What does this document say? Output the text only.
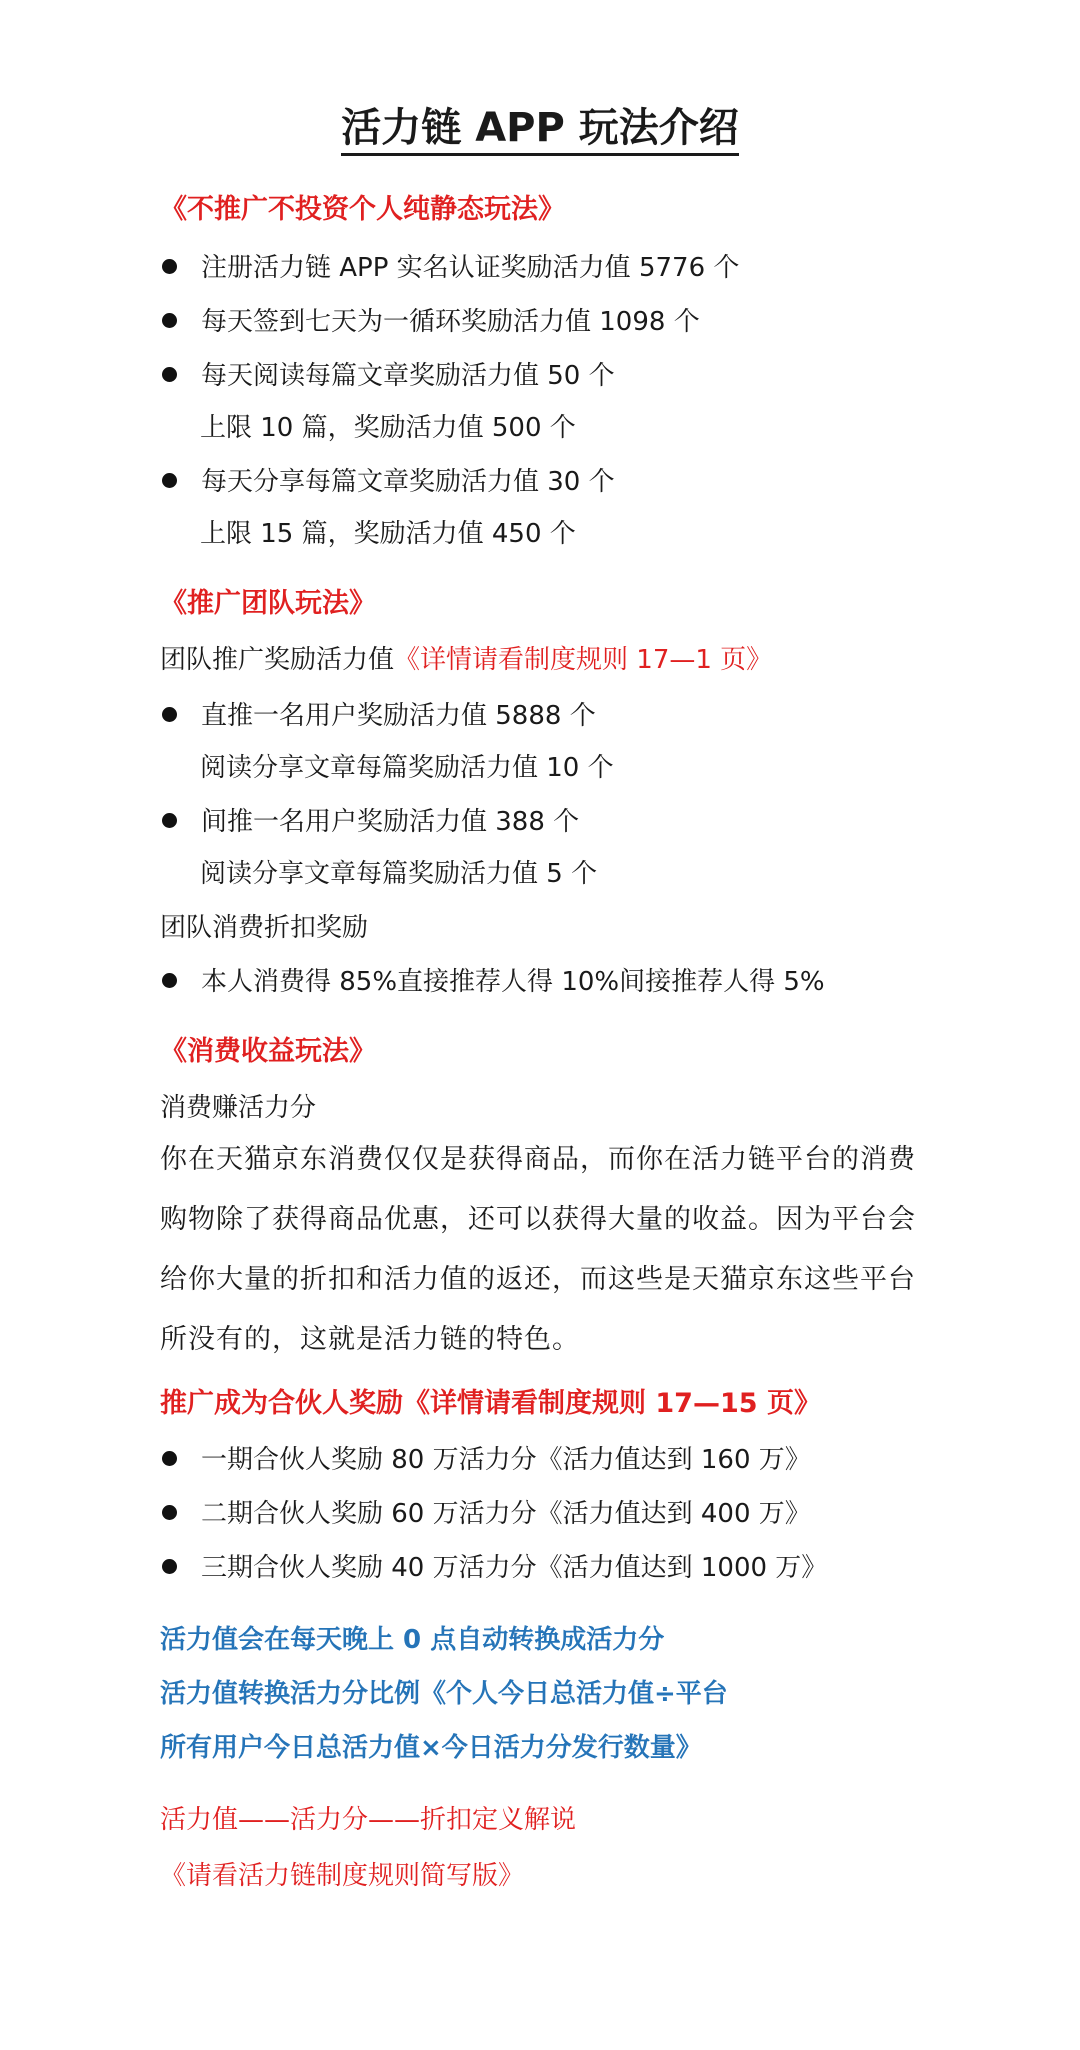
活力链 APP 玩法介绍
《不推广不投资个人纯静态玩法》
注册活力链 APP 实名认证奖励活力值 5776 个
每天签到七天为一循环奖励活力值 1098 个
每天阅读每篇文章奖励活力值 50 个
上限 10 篇，奖励活力值 500 个
每天分享每篇文章奖励活力值 30 个
上限 15 篇，奖励活力值 450 个
《推广团队玩法》
团队推广奖励活力值《详情请看制度规则 17—1 页》
直推一名用户奖励活力值 5888 个
阅读分享文章每篇奖励活力值 10 个
间推一名用户奖励活力值 388 个
阅读分享文章每篇奖励活力值 5 个
团队消费折扣奖励
本人消费得 85%直接推荐人得 10%间接推荐人得 5%
《消费收益玩法》
消费赚活力分
你在天猫京东消费仅仅是获得商品，而你在活力链平台的消费购物除了获得商品优惠，还可以获得大量的收益。因为平台会给你大量的折扣和活力值的返还，而这些是天猫京东这些平台所没有的，这就是活力链的特色。
推广成为合伙人奖励《详情请看制度规则 17—15 页》
一期合伙人奖励 80 万活力分《活力值达到 160 万》
二期合伙人奖励 60 万活力分《活力值达到 400 万》
三期合伙人奖励 40 万活力分《活力值达到 1000 万》
活力值会在每天晚上 0 点自动转换成活力分
活力值转换活力分比例《个人今日总活力值÷平台
所有用户今日总活力值×今日活力分发行数量》
活力值——活力分——折扣定义解说
《请看活力链制度规则简写版》
